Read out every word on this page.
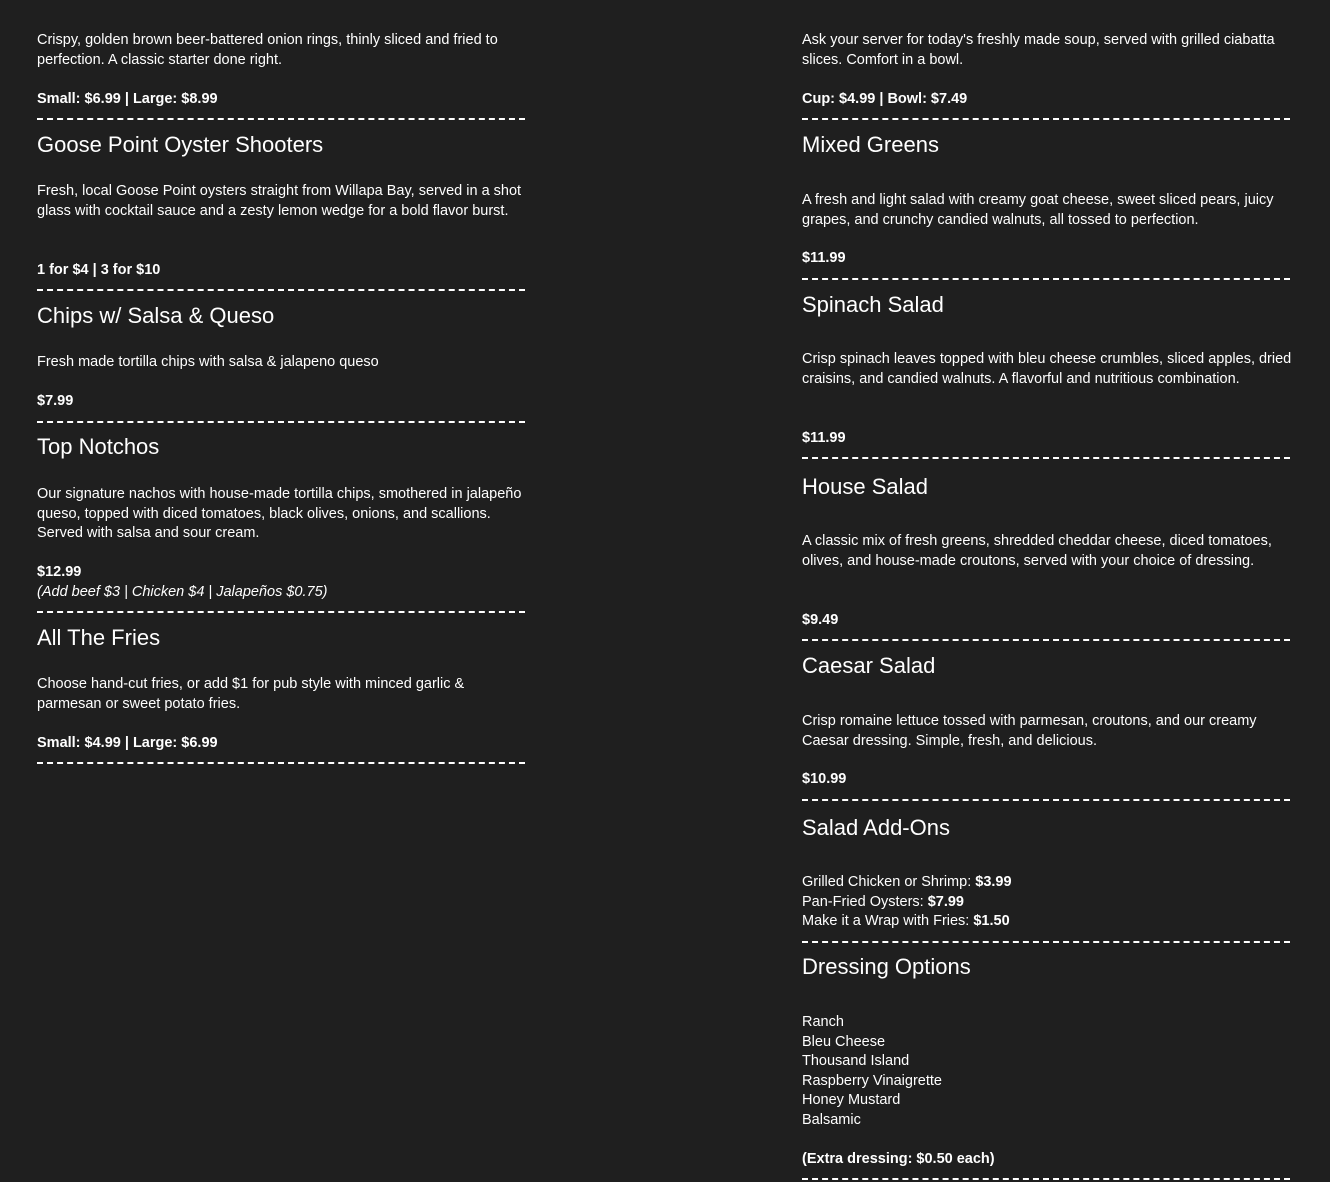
Crispy, golden brown beer-battered onion rings, thinly sliced and fried to perfection. A classic starter done right.

Small: $6.99 | Large: $8.99

Goose Point Oyster Shooters

Fresh, local Goose Point oysters straight from Willapa Bay, served in a shot glass with cocktail sauce and a zesty lemon wedge for a bold flavor burst.

1 for $4 | 3 for $10

Chips w/ Salsa & Queso

Fresh made tortilla chips with salsa & jalapeno queso

$7.99

Top Notchos

Our signature nachos with house-made tortilla chips, smothered in jalapeño queso, topped with diced tomatoes, black olives, onions, and scallions. Served with salsa and sour cream.

$12.99

(Add beef $3 | Chicken $4 | Jalapeños $0.75)

All The Fries

Choose hand-cut fries, or add $1 for pub style with minced garlic & parmesan or sweet potato fries.

Small: $4.99 | Large: $6.99

Ask your server for today's freshly made soup, served with grilled ciabatta slices. Comfort in a bowl.

Cup: $4.99 | Bowl: $7.49

Mixed Greens

A fresh and light salad with creamy goat cheese, sweet sliced pears, juicy grapes, and crunchy candied walnuts, all tossed to perfection.

$11.99

Spinach Salad

Crisp spinach leaves topped with bleu cheese crumbles, sliced apples, dried craisins, and candied walnuts. A flavorful and nutritious combination.

$11.99

House Salad

A classic mix of fresh greens, shredded cheddar cheese, diced tomatoes, olives, and house-made croutons, served with your choice of dressing.

$9.49

Caesar Salad

Crisp romaine lettuce tossed with parmesan, croutons, and our creamy Caesar dressing. Simple, fresh, and delicious.

$10.99

Salad Add-Ons

Grilled Chicken or Shrimp: $3.99

Pan-Fried Oysters: $7.99

Make it a Wrap with Fries: $1.50

Dressing Options

Ranch

Bleu Cheese

Thousand Island

Raspberry Vinaigrette

Honey Mustard

Balsamic

(Extra dressing: $0.50 each)
